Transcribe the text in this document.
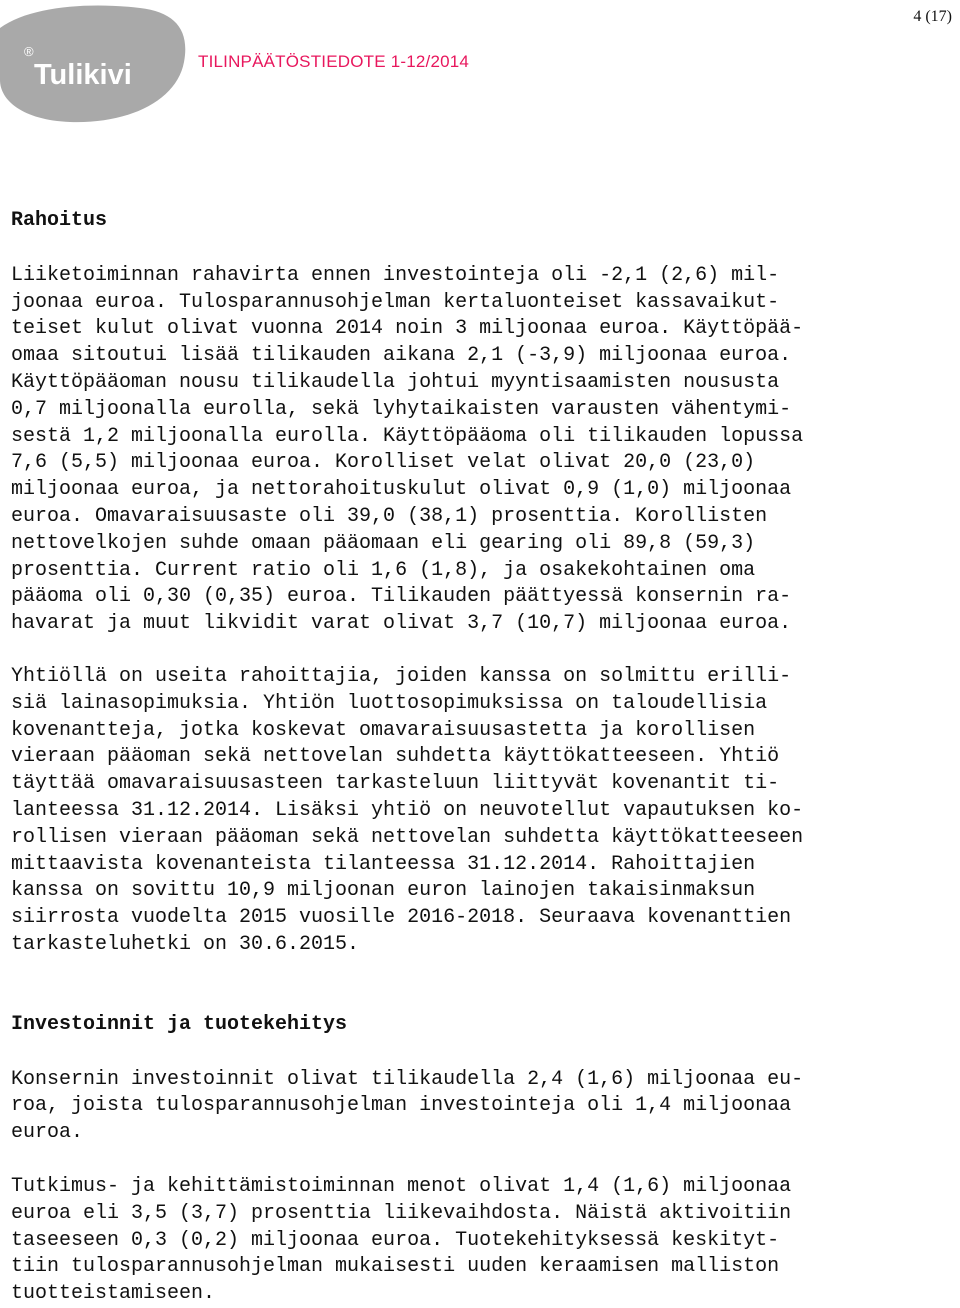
®
Tulikivi	TILINPÄÄTÖSTIEDOTE 1-12/2014
4 (17)
Rahoitus
Liiketoiminnan rahavirta ennen investointeja oli -2,1 (2,6) mil-
joonaa euroa. Tulosparannusohjelman kertaluonteiset kassavaikut-
teiset kulut olivat vuonna 2014 noin 3 miljoonaa euroa. Käyttöpää-
omaa sitoutui lisää tilikauden aikana 2,1 (-3,9) miljoonaa euroa.
Käyttöpääoman nousu tilikaudella johtui myyntisaamisten noususta
0,7 miljoonalla eurolla, sekä lyhytaikaisten varausten vähentymi-
sestä 1,2 miljoonalla eurolla. Käyttöpääoma oli tilikauden lopussa
7,6 (5,5) miljoonaa euroa. Korolliset velat olivat 20,0 (23,0)
miljoonaa euroa, ja nettorahoituskulut olivat 0,9 (1,0) miljoonaa
euroa. Omavaraisuusaste oli 39,0 (38,1) prosenttia. Korollisten
nettovelkojen suhde omaan pääomaan eli gearing oli 89,8 (59,3)
prosenttia. Current ratio oli 1,6 (1,8), ja osakekohtainen oma
pääoma oli 0,30 (0,35) euroa. Tilikauden päättyessä konsernin ra-
havarat ja muut likvidit varat olivat 3,7 (10,7) miljoonaa euroa.
Yhtiöllä on useita rahoittajia, joiden kanssa on solmittu erilli-
siä lainasopimuksia. Yhtiön luottosopimuksissa on taloudellisia
kovenantteja, jotka koskevat omavaraisuusastetta ja korollisen
vieraan pääoman sekä nettovelan suhdetta käyttökatteeseen. Yhtiö
täyttää omavaraisuusasteen tarkasteluun liittyvät kovenantit ti-
lanteessa 31.12.2014. Lisäksi yhtiö on neuvotellut vapautuksen ko-
rollisen vieraan pääoman sekä nettovelan suhdetta käyttökatteeseen
mittaavista kovenanteista tilanteessa 31.12.2014. Rahoittajien
kanssa on sovittu 10,9 miljoonan euron lainojen takaisinmaksun
siirrosta vuodelta 2015 vuosille 2016-2018. Seuraava kovenanttien
tarkasteluhetki on 30.6.2015.
Investoinnit ja tuotekehitys
Konsernin investoinnit olivat tilikaudella 2,4 (1,6) miljoonaa eu-
roa, joista tulosparannusohjelman investointeja oli 1,4 miljoonaa
euroa.
Tutkimus- ja kehittämistoiminnan menot olivat 1,4 (1,6) miljoonaa
euroa eli 3,5 (3,7) prosenttia liikevaihdosta. Näistä aktivoitiin
taseeseen 0,3 (0,2) miljoonaa euroa. Tuotekehityksessä keskityt-
tiin tulosparannusohjelman mukaisesti uuden keraamisen malliston
tuotteistamiseen.
